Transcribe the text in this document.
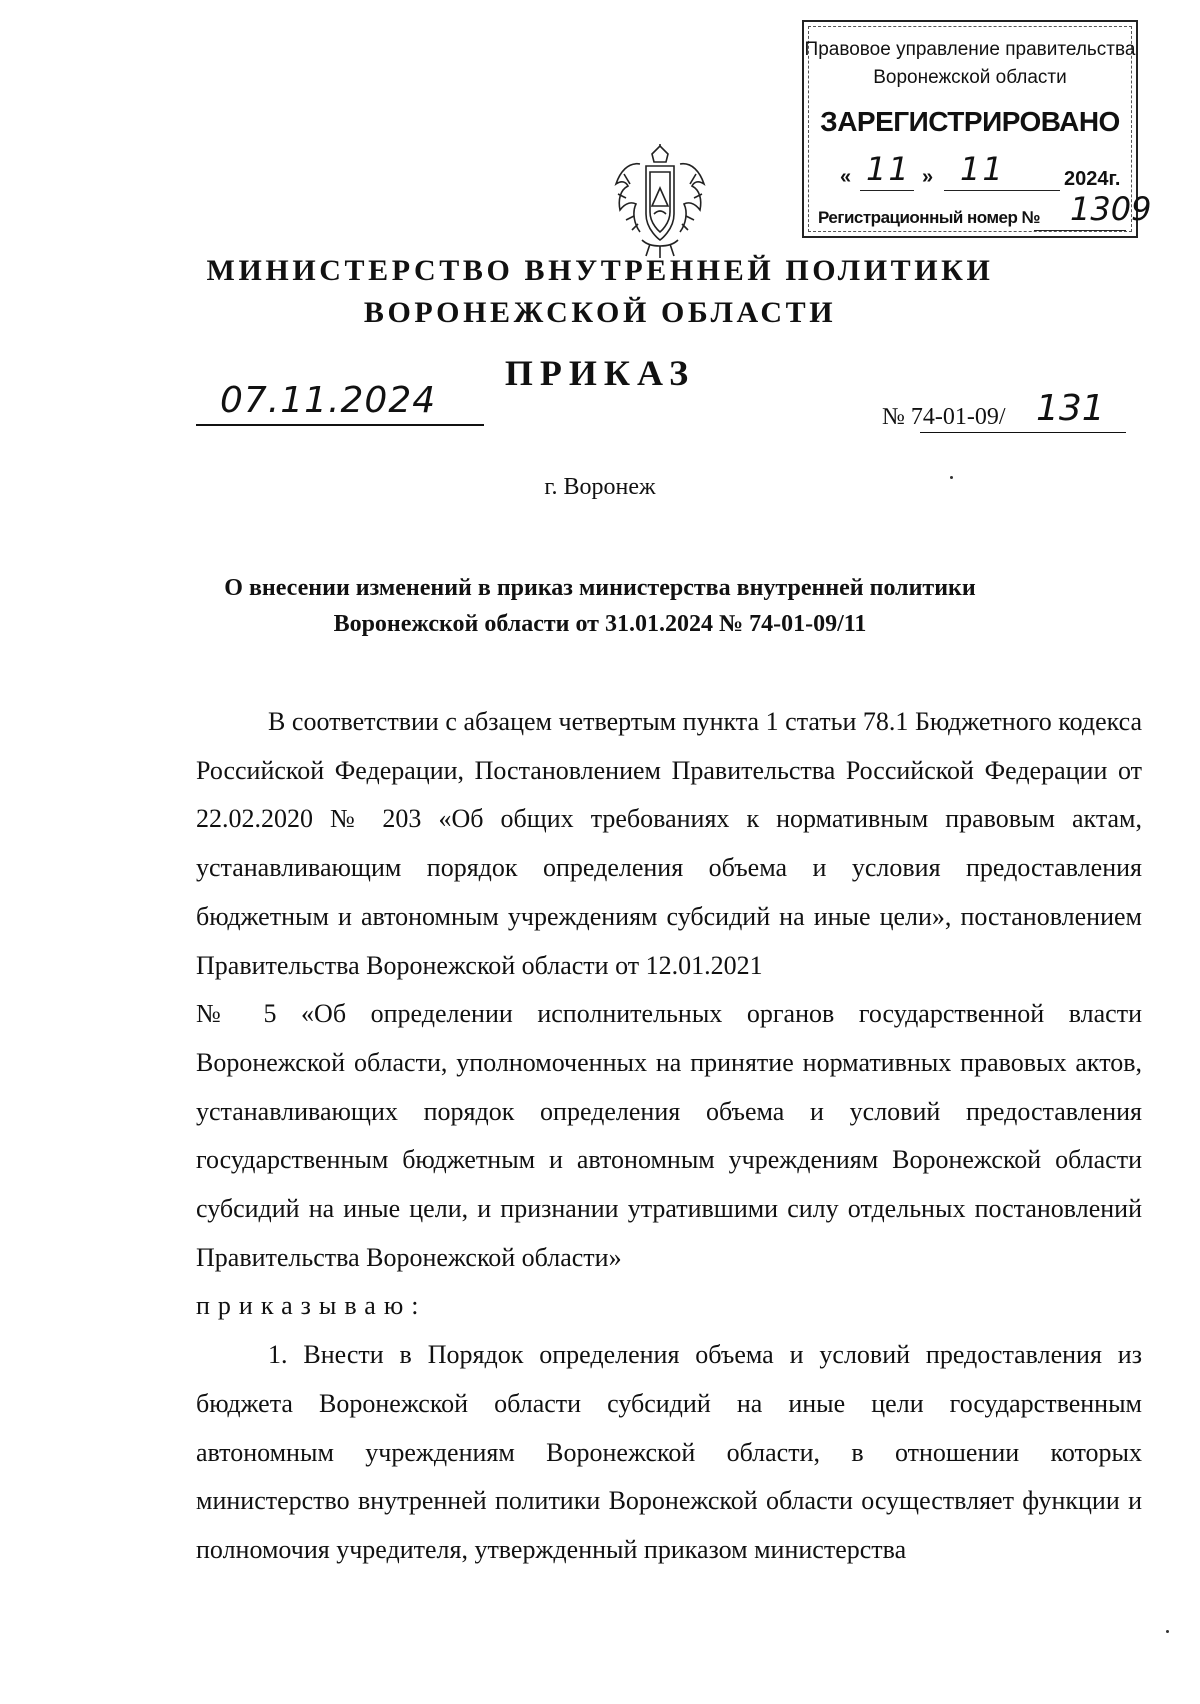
Правовое управление правительства
Воронежской области
ЗАРЕГИСТРИРОВАНО
« 11 » 11	2024г.
Регистрационный номер № 1309
МИНИСТЕРСТВО ВНУТРЕННЕЙ ПОЛИТИКИ
ВОРОНЕЖСКОЙ ОБЛАСТИ
ПРИКАЗ
07.11.2024	№ 74-01-09/ 131
г. Воронеж
О внесении изменений в приказ министерства внутренней политики
Воронежской области от 31.01.2024 № 74-01-09/11

В соответствии с абзацем четвертым пункта 1 статьи 78.1 Бюджетного кодекса Российской Федерации, Постановлением Правительства Российской Федерации от 22.02.2020 № 203 «Об общих требованиях к нормативным правовым актам, устанавливающим порядок определения объема и условия предоставления бюджетным и автономным учреждениям субсидий на иные цели», постановлением Правительства Воронежской области от 12.01.2021

№ 5 «Об определении исполнительных органов государственной власти Воронежской области, уполномоченных на принятие нормативных правовых актов, устанавливающих порядок определения объема и условий предоставления государственным бюджетным и автономным учреждениям Воронежской области субсидий на иные цели, и признании утратившими силу отдельных постановлений Правительства Воронежской области»

приказываю:

1. Внести в Порядок определения объема и условий предоставления из бюджета Воронежской области субсидий на иные цели государственным автономным учреждениям Воронежской области, в отношении которых министерство внутренней политики Воронежской области осуществляет функции и полномочия учредителя, утвержденный приказом министерства
